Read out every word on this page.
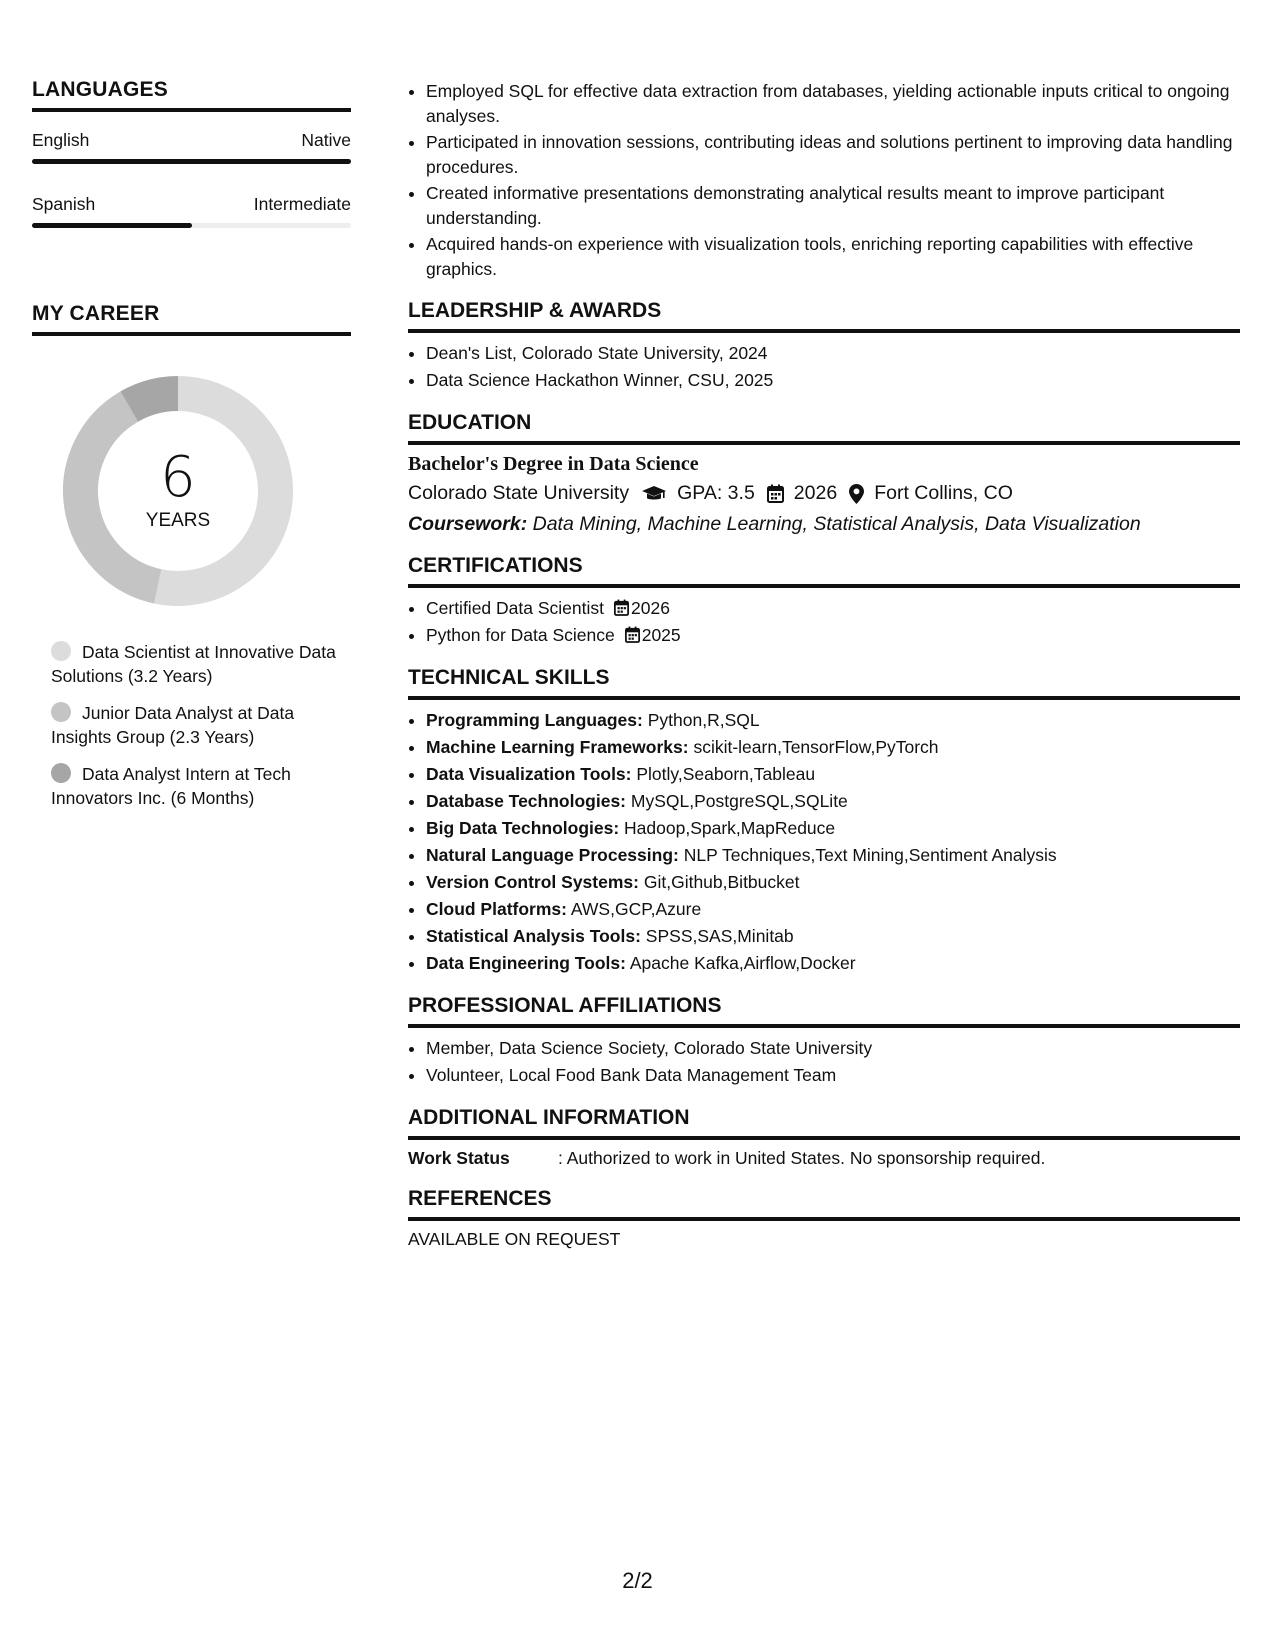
LANGUAGES
English	Native
Spanish	Intermediate
MY CAREER
6
YEARS
Data Scientist at Innovative Data Solutions (3.2 Years)
Junior Data Analyst at Data Insights Group (2.3 Years)
Data Analyst Intern at Tech Innovators Inc. (6 Months)
• Employed SQL for effective data extraction from databases, yielding actionable inputs critical to ongoing analyses.
• Participated in innovation sessions, contributing ideas and solutions pertinent to improving data handling procedures.
• Created informative presentations demonstrating analytical results meant to improve participant understanding.
• Acquired hands-on experience with visualization tools, enriching reporting capabilities with effective graphics.
LEADERSHIP & AWARDS
• Dean's List, Colorado State University, 2024
• Data Science Hackathon Winner, CSU, 2025
EDUCATION
Bachelor's Degree in Data Science
Colorado State University GPA: 3.5 2026 Fort Collins, CO
Coursework: Data Mining, Machine Learning, Statistical Analysis, Data Visualization
CERTIFICATIONS
• Certified Data Scientist 2026
• Python for Data Science 2025
TECHNICAL SKILLS
• Programming Languages: Python,R,SQL
• Machine Learning Frameworks: scikit-learn,TensorFlow,PyTorch
• Data Visualization Tools: Plotly,Seaborn,Tableau
• Database Technologies: MySQL,PostgreSQL,SQLite
• Big Data Technologies: Hadoop,Spark,MapReduce
• Natural Language Processing: NLP Techniques,Text Mining,Sentiment Analysis
• Version Control Systems: Git,Github,Bitbucket
• Cloud Platforms: AWS,GCP,Azure
• Statistical Analysis Tools: SPSS,SAS,Minitab
• Data Engineering Tools: Apache Kafka,Airflow,Docker
PROFESSIONAL AFFILIATIONS
• Member, Data Science Society, Colorado State University
• Volunteer, Local Food Bank Data Management Team
ADDITIONAL INFORMATION
Work Status	: Authorized to work in United States. No sponsorship required.
REFERENCES
AVAILABLE ON REQUEST
2/2
